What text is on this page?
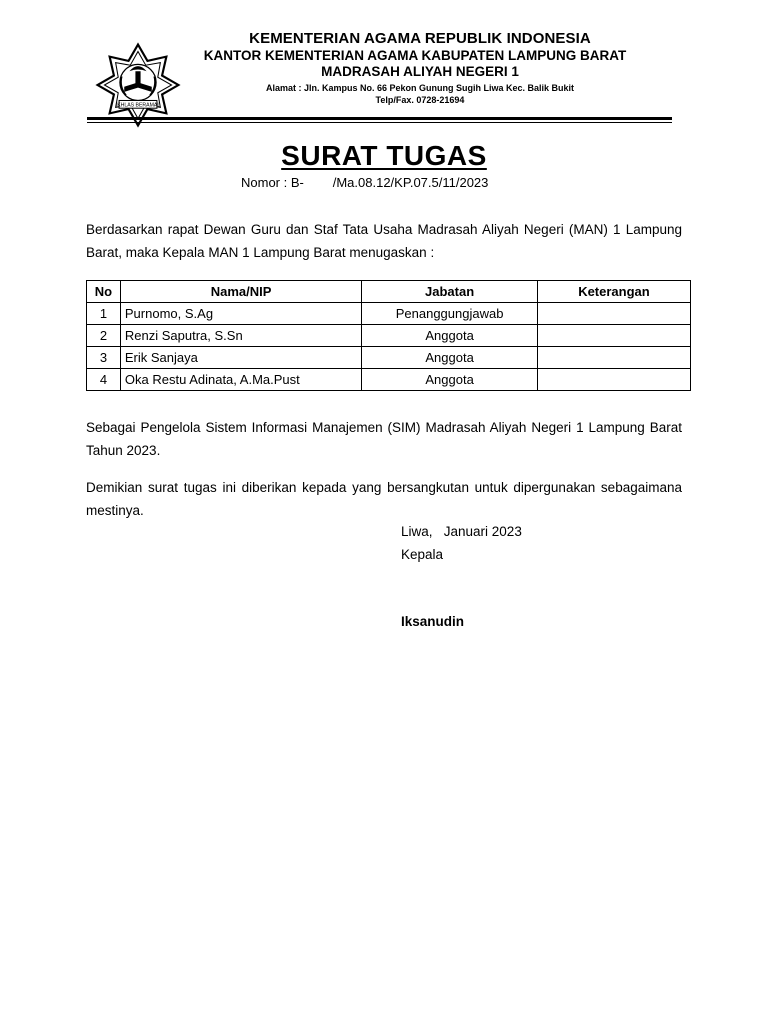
IKHLAS BERAMAL
KEMENTERIAN AGAMA REPUBLIK INDONESIA
KANTOR KEMENTERIAN AGAMA KABUPATEN LAMPUNG BARAT
MADRASAH ALIYAH NEGERI 1
Alamat : Jln. Kampus No. 66 Pekon Gunung Sugih Liwa Kec. Balik Bukit
Telp/Fax. 0728-21694
SURAT TUGAS
Nomor : B-        /Ma.08.12/KP.07.5/11/2023
Berdasarkan rapat Dewan Guru dan Staf Tata Usaha Madrasah Aliyah Negeri (MAN) 1 Lampung Barat, maka Kepala MAN 1 Lampung Barat menugaskan :
No	Nama/NIP	Jabatan	Keterangan
1	Purnomo, S.Ag	Penanggungjawab	
2	Renzi Saputra, S.Sn	Anggota	
3	Erik Sanjaya	Anggota	
4	Oka Restu Adinata, A.Ma.Pust	Anggota	
Sebagai Pengelola Sistem Informasi Manajemen (SIM) Madrasah Aliyah Negeri 1 Lampung Barat Tahun 2023.
Demikian surat tugas ini diberikan kepada yang bersangkutan untuk dipergunakan sebagaimana mestinya.
Liwa,   Januari 2023
Kepala
Iksanudin
